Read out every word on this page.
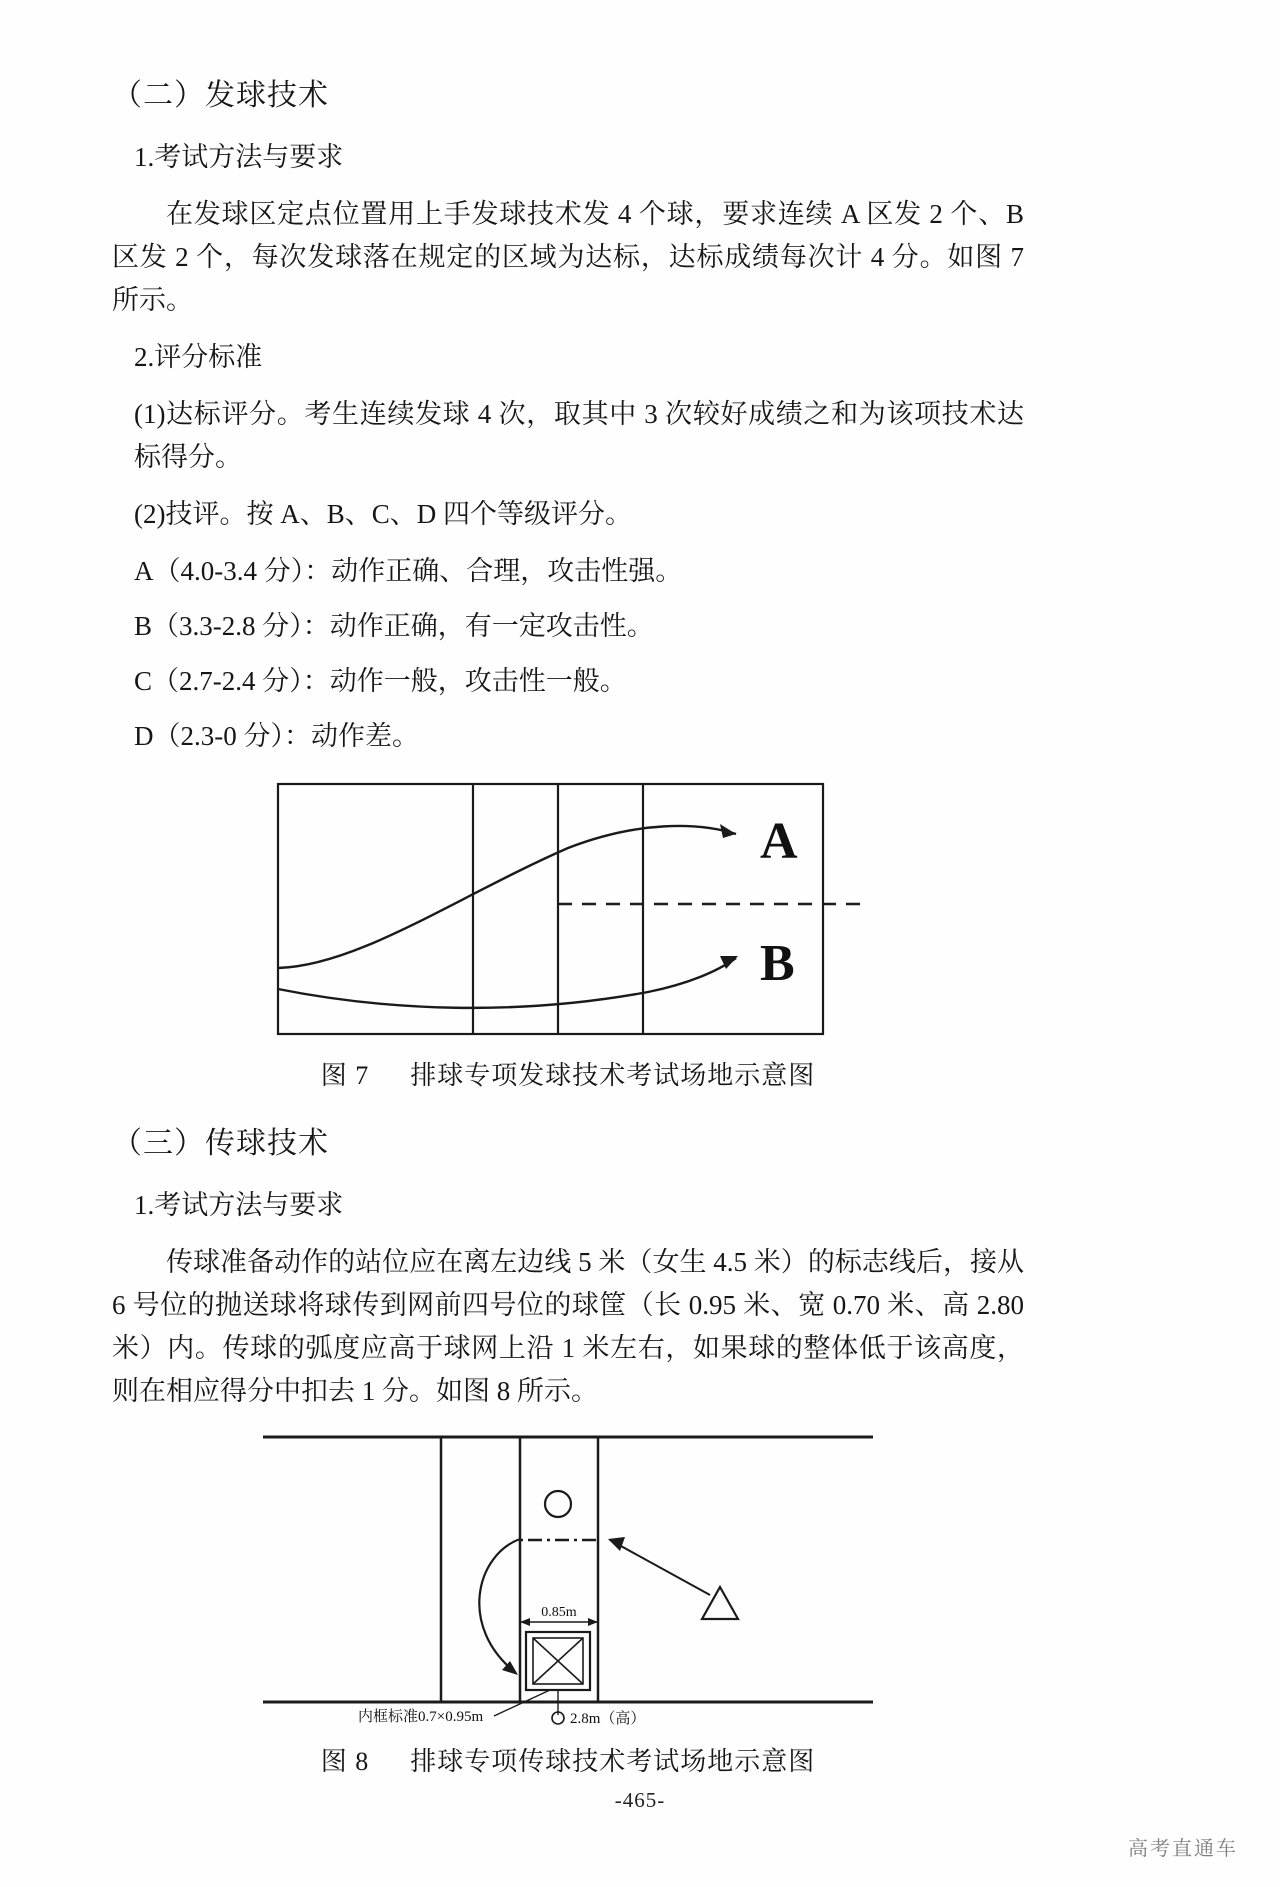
（二）发球技术

1.考试方法与要求

在发球区定点位置用上手发球技术发 4 个球，要求连续 A 区发 2 个、B 区发 2 个，每次发球落在规定的区域为达标，达标成绩每次计 4 分。如图 7 所示。

2.评分标准

(1)达标评分。考生连续发球 4 次，取其中 3 次较好成绩之和为该项技术达标得分。

(2)技评。按 A、B、C、D 四个等级评分。

A（4.0-3.4 分）：动作正确、合理，攻击性强。

B（3.3-2.8 分）：动作正确，有一定攻击性。

C（2.7-2.4 分）：动作一般，攻击性一般。

D（2.3-0 分）：动作差。

A
B
图 7 排球专项发球技术考试场地示意图
（三）传球技术

1.考试方法与要求

传球准备动作的站位应在离左边线 5 米（女生 4.5 米）的标志线后，接从 6 号位的抛送球将球传到网前四号位的球筐（长 0.95 米、宽 0.70 米、高 2.80 米）内。传球的弧度应高于球网上沿 1 米左右，如果球的整体低于该高度，则在相应得分中扣去 1 分。如图 8 所示。

0.85m
内框标准0.7×0.95m	2.8m（高）
图 8 排球专项传球技术考试场地示意图
-465-
高考直通车
